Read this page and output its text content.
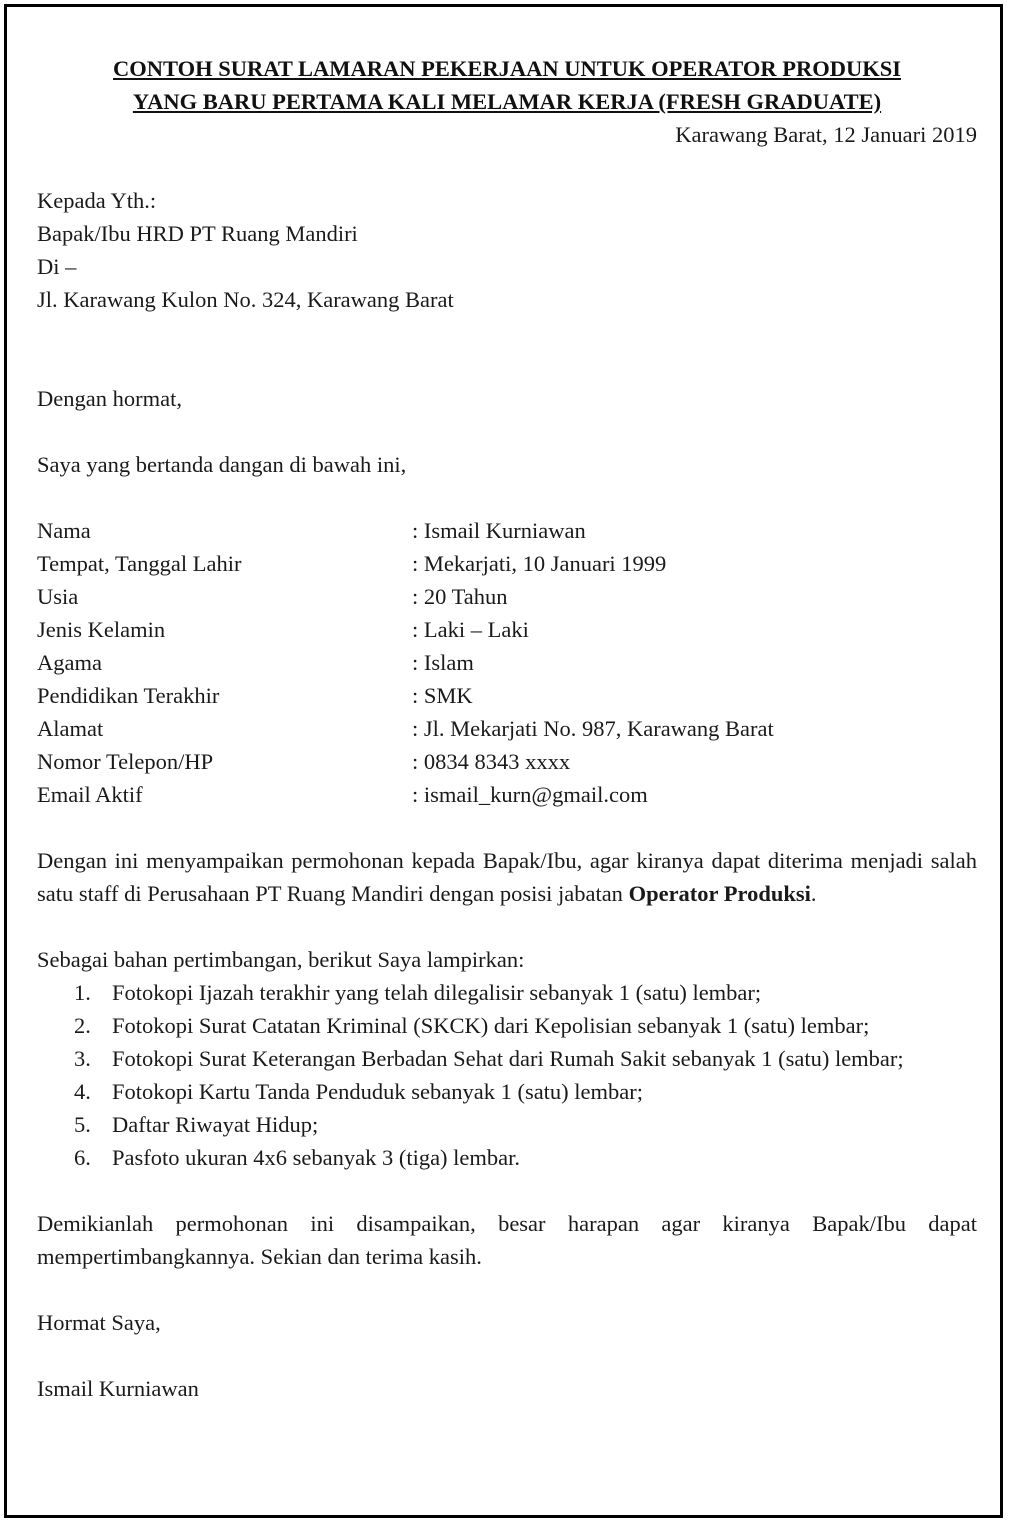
CONTOH SURAT LAMARAN PEKERJAAN UNTUK OPERATOR PRODUKSI
YANG BARU PERTAMA KALI MELAMAR KERJA (FRESH GRADUATE)

Karawang Barat, 12 Januari 2019

Kepada Yth.:

Bapak/Ibu HRD PT Ruang Mandiri

Di –

Jl. Karawang Kulon No. 324, Karawang Barat

Dengan hormat,

Saya yang bertanda dangan di bawah ini,

Nama	: Ismail Kurniawan
Tempat, Tanggal Lahir	: Mekarjati, 10 Januari 1999
Usia	: 20 Tahun
Jenis Kelamin	: Laki – Laki
Agama	: Islam
Pendidikan Terakhir	: SMK
Alamat	: Jl. Mekarjati No. 987, Karawang Barat
Nomor Telepon/HP	: 0834 8343 xxxx
Email Aktif	: ismail_kurn@gmail.com

Dengan ini menyampaikan permohonan kepada Bapak/Ibu, agar kiranya dapat diterima menjadi salah satu staff di Perusahaan PT Ruang Mandiri dengan posisi jabatan Operator Produksi.

Sebagai bahan pertimbangan, berikut Saya lampirkan:

1. Fotokopi Ijazah terakhir yang telah dilegalisir sebanyak 1 (satu) lembar;
2. Fotokopi Surat Catatan Kriminal (SKCK) dari Kepolisian sebanyak 1 (satu) lembar;
3. Fotokopi Surat Keterangan Berbadan Sehat dari Rumah Sakit sebanyak 1 (satu) lembar;
4. Fotokopi Kartu Tanda Penduduk sebanyak 1 (satu) lembar;
5. Daftar Riwayat Hidup;
6. Pasfoto ukuran 4x6 sebanyak 3 (tiga) lembar.

Demikianlah permohonan ini disampaikan, besar harapan agar kiranya Bapak/Ibu dapat mempertimbangkannya. Sekian dan terima kasih.

Hormat Saya,

Ismail Kurniawan
